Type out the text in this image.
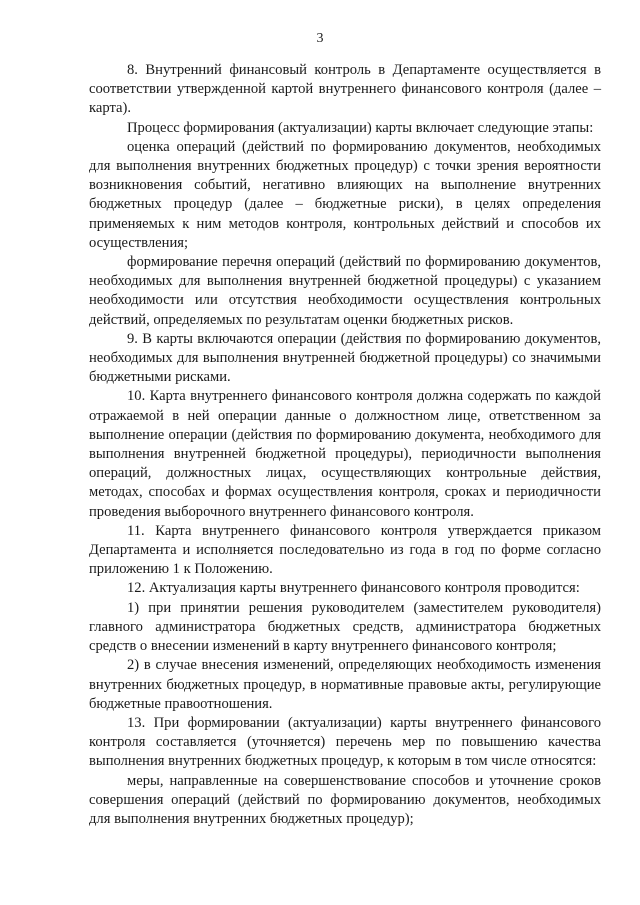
3

8. Внутренний финансовый контроль в Департаменте осуществляется в соответствии утвержденной картой внутреннего финансового контроля (далее – карта).

Процесс формирования (актуализации) карты включает следующие этапы:

оценка операций (действий по формированию документов, необходимых для выполнения внутренних бюджетных процедур) с точки зрения вероятности возникновения событий, негативно влияющих на выполнение внутренних бюджетных процедур (далее – бюджетные риски), в целях определения применяемых к ним методов контроля, контрольных действий и способов их осуществления;

формирование перечня операций (действий по формированию документов, необходимых для выполнения внутренней бюджетной процедуры) с указанием необходимости или отсутствия необходимости осуществления контрольных действий, определяемых по результатам оценки бюджетных рисков.

9. В карты включаются операции (действия по формированию документов, необходимых для выполнения внутренней бюджетной процедуры) со значимыми бюджетными рисками.

10. Карта внутреннего финансового контроля должна содержать по каждой отражаемой в ней операции данные о должностном лице, ответственном за выполнение операции (действия по формированию документа, необходимого для выполнения внутренней бюджетной процедуры), периодичности выполнения операций, должностных лицах, осуществляющих контрольные действия, методах, способах и формах осуществления контроля, сроках и периодичности проведения выборочного внутреннего финансового контроля.

11. Карта внутреннего финансового контроля утверждается приказом Департамента и исполняется последовательно из года в год по форме согласно приложению 1 к Положению.

12. Актуализация карты внутреннего финансового контроля проводится:

1) при принятии решения руководителем (заместителем руководителя) главного администратора бюджетных средств, администратора бюджетных средств о внесении изменений в карту внутреннего финансового контроля;

2) в случае внесения изменений, определяющих необходимость изменения внутренних бюджетных процедур, в нормативные правовые акты, регулирующие бюджетные правоотношения.

13. При формировании (актуализации) карты внутреннего финансового контроля составляется (уточняется) перечень мер по повышению качества выполнения внутренних бюджетных процедур, к которым в том числе относятся:

меры, направленные на совершенствование способов и уточнение сроков совершения операций (действий по формированию документов, необходимых для выполнения внутренних бюджетных процедур);
